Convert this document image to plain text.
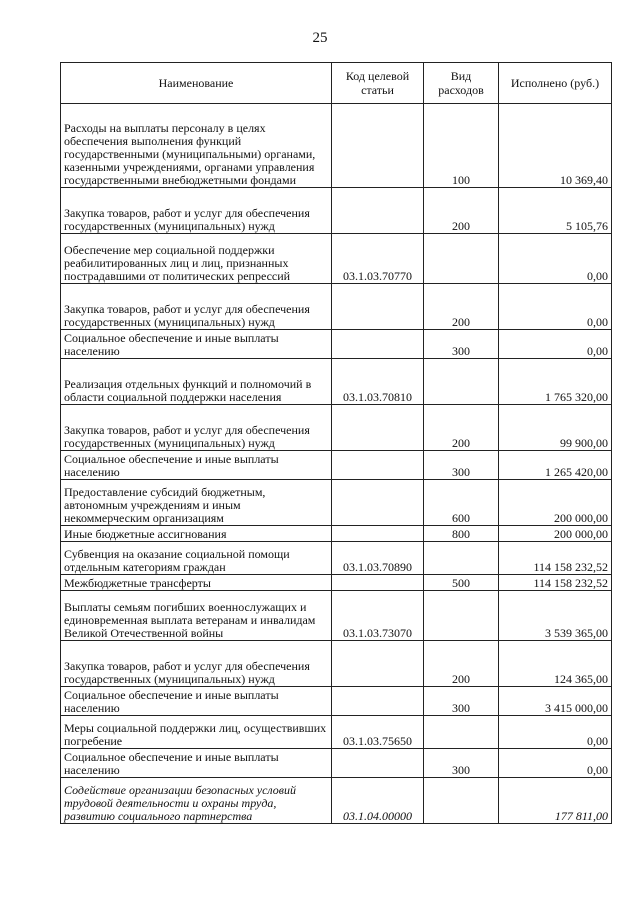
25
Наименование	Код целевой статьи	Вид расходов	Исполнено (руб.)
Расходы на выплаты персоналу в целях обеспечения выполнения функций государственными (муниципальными) органами, казенными учреждениями, органами управления государственными внебюджетными фондами		100	10 369,40
Закупка товаров, работ и услуг для обеспечения государственных (муниципальных) нужд		200	5 105,76
Обеспечение мер социальной поддержки реабилитированных лиц и лиц, признанных пострадавшими от политических репрессий	03.1.03.70770		0,00
Закупка товаров, работ и услуг для обеспечения государственных (муниципальных) нужд		200	0,00
Социальное обеспечение и иные выплаты населению		300	0,00
Реализация отдельных функций и полномочий в области социальной поддержки населения	03.1.03.70810		1 765 320,00
Закупка товаров, работ и услуг для обеспечения государственных (муниципальных) нужд		200	99 900,00
Социальное обеспечение и иные выплаты населению		300	1 265 420,00
Предоставление субсидий бюджетным, автономным учреждениям и иным некоммерческим организациям		600	200 000,00
Иные бюджетные ассигнования		800	200 000,00
Субвенция на оказание социальной помощи отдельным категориям граждан	03.1.03.70890		114 158 232,52
Межбюджетные трансферты		500	114 158 232,52
Выплаты семьям погибших военнослужащих и единовременная выплата ветеранам и инвалидам Великой Отечественной войны	03.1.03.73070		3 539 365,00
Закупка товаров, работ и услуг для обеспечения государственных (муниципальных) нужд		200	124 365,00
Социальное обеспечение и иные выплаты населению		300	3 415 000,00
Меры социальной поддержки лиц, осуществивших погребение	03.1.03.75650		0,00
Социальное обеспечение и иные выплаты населению		300	0,00
Содействие организации безопасных условий трудовой деятельности и охраны труда, развитию социального партнерства	03.1.04.00000		177 811,00
